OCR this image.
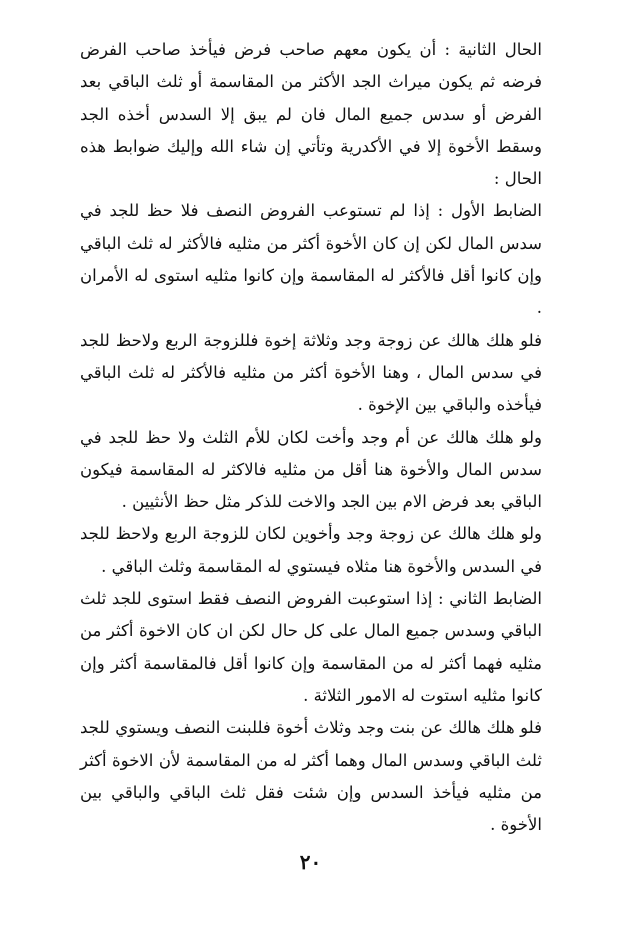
الحال الثانية : أن يكون معهم صاحب فرض فيأخذ صاحب الفرض فرضه ثم يكون ميراث الجد الأكثر من المقاسمة أو ثلث الباقي بعد الفرض أو سدس جميع المال فان لم يبق إلا السدس أخذه الجد وسقط الأخوة إلا في الأكدرية وتأتي إن شاء الله وإليك ضوابط هذه الحال :

الضابط الأول : إذا لم تستوعب الفروض النصف فلا حظ للجد في سدس المال لكن إن كان الأخوة أكثر من مثليه فالأكثر له ثلث الباقي وإن كانوا أقل فالأكثر له المقاسمة وإن كانوا مثليه استوى له الأمران .

فلو هلك هالك عن زوجة وجد وثلاثة إخوة فللزوجة الربع ولاحظ للجد في سدس المال ، وهنا الأخوة أكثر من مثليه فالأكثر له ثلث الباقي فيأخذه والباقي بين الإخوة .

ولو هلك هالك عن أم وجد وأخت لكان للأم الثلث ولا حظ للجد في سدس المال والأخوة هنا أقل من مثليه فالاكثر له المقاسمة فيكون الباقي بعد فرض الام بين الجد والاخت للذكر مثل حظ الأنثيين .

ولو هلك هالك عن زوجة وجد وأخوين لكان للزوجة الربع ولاحظ للجد في السدس والأخوة هنا مثلاه فيستوي له المقاسمة وثلث الباقي .

الضابط الثاني : إذا استوعبت الفروض النصف فقط استوى للجد ثلث الباقي وسدس جميع المال على كل حال لكن ان كان الاخوة أكثر من مثليه فهما أكثر له من المقاسمة وإن كانوا أقل فالمقاسمة أكثر وإن كانوا مثليه استوت له الامور الثلاثة .

فلو هلك هالك عن بنت وجد وثلاث أخوة فللبنت النصف ويستوي للجد ثلث الباقي وسدس المال وهما أكثر له من المقاسمة لأن الاخوة أكثر من مثليه فيأخذ السدس وإن شئت فقل ثلث الباقي والباقي بين الأخوة .

٢٠
